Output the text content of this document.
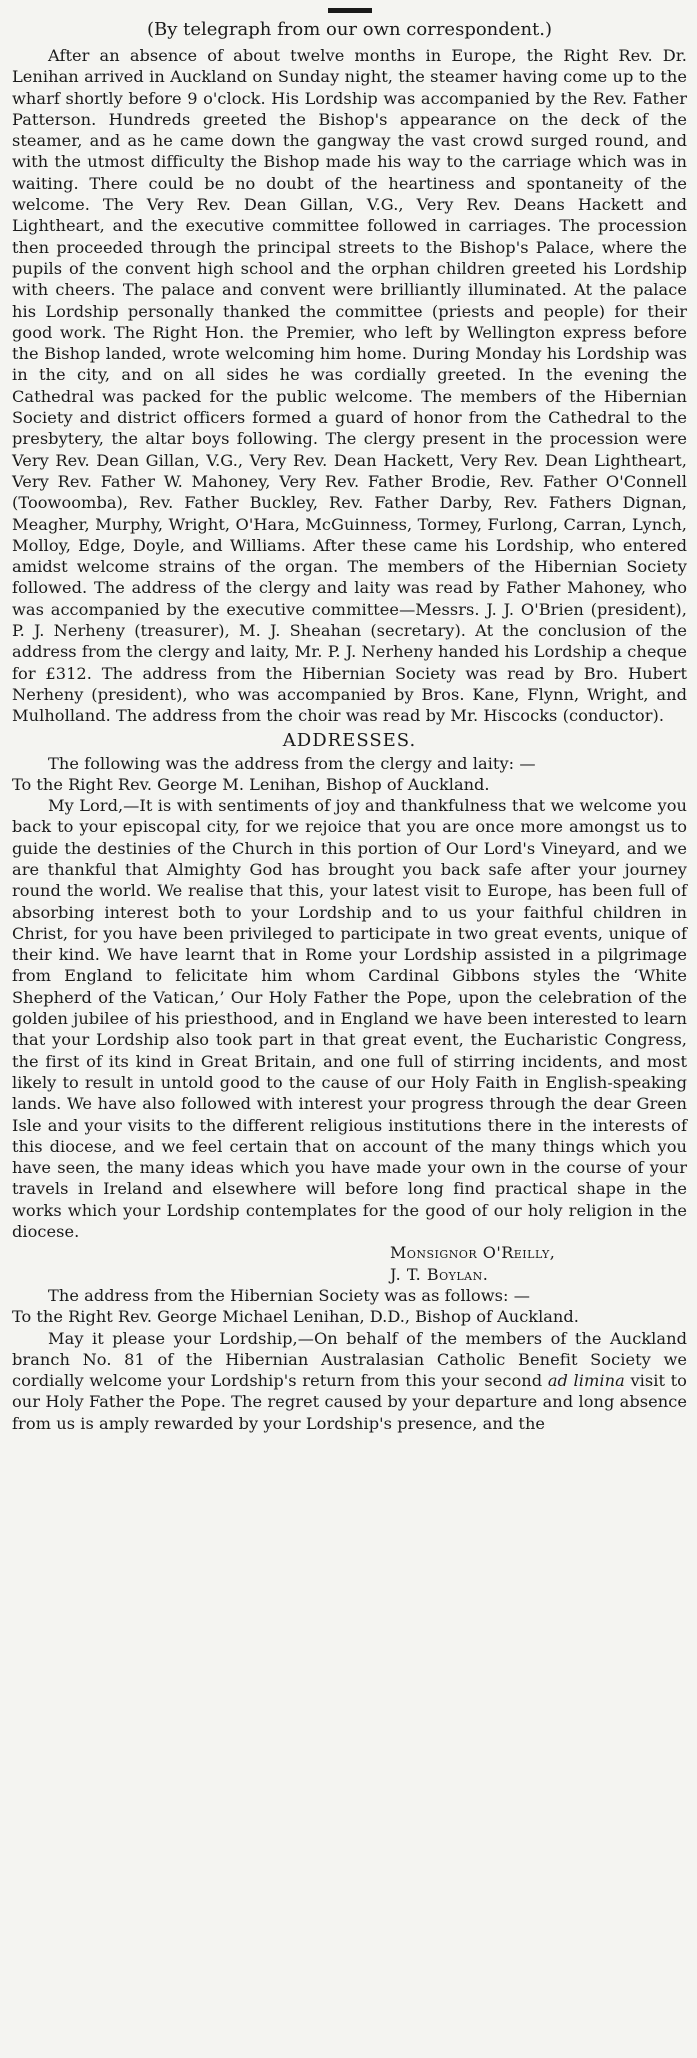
(By telegraph from our own correspondent.)

After an absence of about twelve months in Europe, the Right Rev. Dr. Lenihan arrived in Auckland on Sunday night, the steamer having come up to the wharf shortly before 9 o'clock. His Lordship was accompanied by the Rev. Father Patterson. Hundreds greeted the Bishop's appearance on the deck of the steamer, and as he came down the gangway the vast crowd surged round, and with the utmost difficulty the Bishop made his way to the carriage which was in waiting. There could be no doubt of the heartiness and spontaneity of the welcome. The Very Rev. Dean Gillan, V.G., Very Rev. Deans Hackett and Lightheart, and the executive committee followed in carriages. The procession then proceeded through the principal streets to the Bishop's Palace, where the pupils of the convent high school and the orphan children greeted his Lordship with cheers. The palace and convent were brilliantly illuminated. At the palace his Lordship personally thanked the committee (priests and people) for their good work. The Right Hon. the Premier, who left by Wellington express before the Bishop landed, wrote welcoming him home. During Monday his Lordship was in the city, and on all sides he was cordially greeted. In the evening the Cathedral was packed for the public welcome. The members of the Hibernian Society and district officers formed a guard of honor from the Cathedral to the presbytery, the altar boys following. The clergy present in the procession were Very Rev. Dean Gillan, V.G., Very Rev. Dean Hackett, Very Rev. Dean Lightheart, Very Rev. Father W. Mahoney, Very Rev. Father Brodie, Rev. Father O'Connell (Toowoomba), Rev. Father Buckley, Rev. Father Darby, Rev. Fathers Dignan, Meagher, Murphy, Wright, O'Hara, McGuinness, Tormey, Furlong, Carran, Lynch, Molloy, Edge, Doyle, and Williams. After these came his Lordship, who entered amidst welcome strains of the organ. The members of the Hibernian Society followed. The address of the clergy and laity was read by Father Mahoney, who was accompanied by the executive committee—Messrs. J. J. O'Brien (president), P. J. Nerheny (treasurer), M. J. Sheahan (secretary). At the conclusion of the address from the clergy and laity, Mr. P. J. Nerheny handed his Lordship a cheque for £312. The address from the Hibernian Society was read by Bro. Hubert Nerheny (president), who was accompanied by Bros. Kane, Flynn, Wright, and Mulholland. The address from the choir was read by Mr. Hiscocks (conductor).

ADDRESSES.

The following was the address from the clergy and laity: —

To the Right Rev. George M. Lenihan, Bishop of Auckland.

My Lord,—It is with sentiments of joy and thankfulness that we welcome you back to your episcopal city, for we rejoice that you are once more amongst us to guide the destinies of the Church in this portion of Our Lord's Vineyard, and we are thankful that Almighty God has brought you back safe after your journey round the world. We realise that this, your latest visit to Europe, has been full of absorbing interest both to your Lordship and to us your faithful children in Christ, for you have been privileged to participate in two great events, unique of their kind. We have learnt that in Rome your Lordship assisted in a pilgrimage from England to felicitate him whom Cardinal Gibbons styles the ‘White Shepherd of the Vatican,’ Our Holy Father the Pope, upon the celebration of the golden jubilee of his priesthood, and in England we have been interested to learn that your Lordship also took part in that great event, the Eucharistic Congress, the first of its kind in Great Britain, and one full of stirring incidents, and most likely to result in untold good to the cause of our Holy Faith in English-speaking lands. We have also followed with interest your progress through the dear Green Isle and your visits to the different religious institutions there in the interests of this diocese, and we feel certain that on account of the many things which you have seen, the many ideas which you have made your own in the course of your travels in Ireland and elsewhere will before long find practical shape in the works which your Lordship contemplates for the good of our holy religion in the diocese.

Monsignor O'Reilly,

J. T. Boylan.

The address from the Hibernian Society was as follows: —

To the Right Rev. George Michael Lenihan, D.D., Bishop of Auckland.

May it please your Lordship,—On behalf of the members of the Auckland branch No. 81 of the Hibernian Australasian Catholic Benefit Society we cordially welcome your Lordship's return from this your second ad limina visit to our Holy Father the Pope. The regret caused by your departure and long absence from us is amply rewarded by your Lordship's presence, and the
